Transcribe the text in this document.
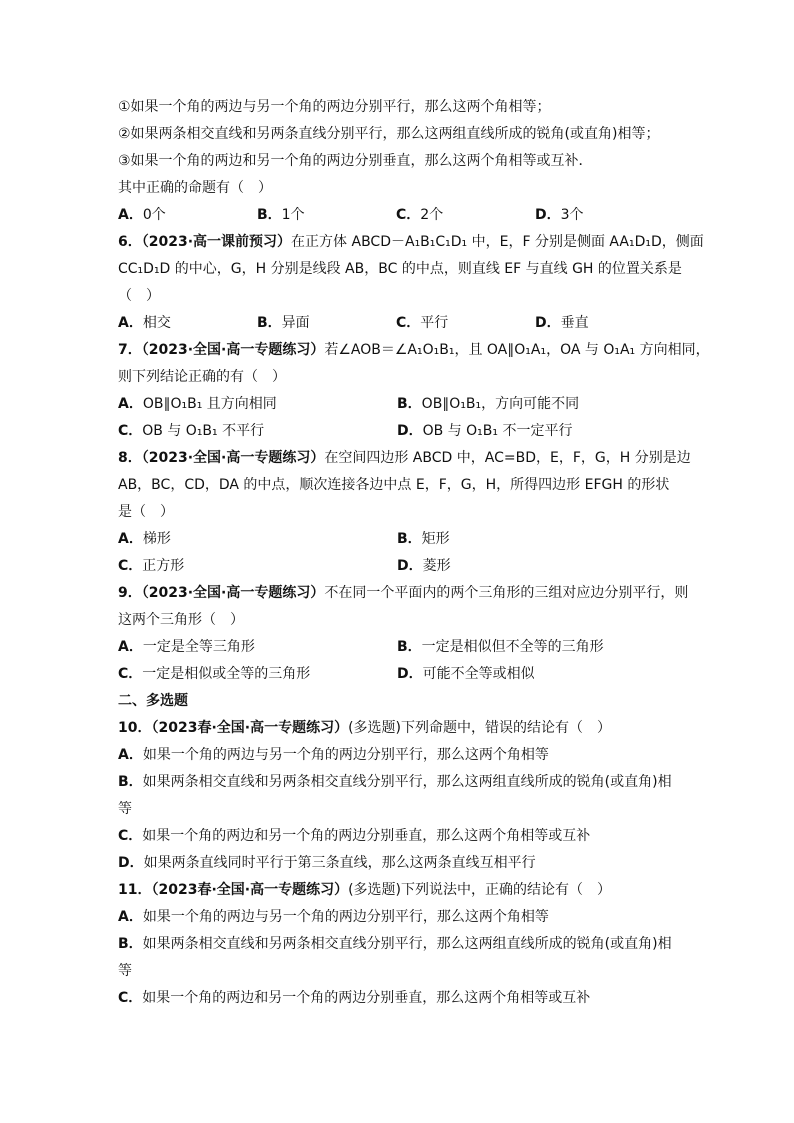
①如果一个角的两边与另一个角的两边分别平行，那么这两个角相等；
②如果两条相交直线和另两条直线分别平行，那么这两组直线所成的锐角(或直角)相等；
③如果一个角的两边和另一个角的两边分别垂直，那么这两个角相等或互补．
其中正确的命题有（　）
A．0个	B．1个	C．2个	D．3个
6．（2023·高一课前预习）在正方体 ABCD－A₁B₁C₁D₁ 中，E，F 分别是侧面 AA₁D₁D，侧面
CC₁D₁D 的中心，G，H 分别是线段 AB，BC 的中点，则直线 EF 与直线 GH 的位置关系是
（　）
A．相交	B．异面	C．平行	D．垂直
7．（2023·全国·高一专题练习）若∠AOB＝∠A₁O₁B₁，且 OA∥O₁A₁，OA 与 O₁A₁ 方向相同，
则下列结论正确的有（　）
A．OB∥O₁B₁ 且方向相同	B．OB∥O₁B₁，方向可能不同
C．OB 与 O₁B₁ 不平行	D．OB 与 O₁B₁ 不一定平行
8．（2023·全国·高一专题练习）在空间四边形 ABCD 中，AC=BD，E，F，G，H 分别是边
AB，BC，CD，DA 的中点，顺次连接各边中点 E，F，G，H，所得四边形 EFGH 的形状
是（　）
A．梯形	B．矩形
C．正方形	D．菱形
9．（2023·全国·高一专题练习）不在同一个平面内的两个三角形的三组对应边分别平行，则
这两个三角形（　）
A．一定是全等三角形	B．一定是相似但不全等的三角形
C．一定是相似或全等的三角形	D．可能不全等或相似
二、多选题
10．（2023春·全国·高一专题练习）(多选题)下列命题中，错误的结论有（　）
A．如果一个角的两边与另一个角的两边分别平行，那么这两个角相等
B．如果两条相交直线和另两条相交直线分别平行，那么这两组直线所成的锐角(或直角)相
等
C．如果一个角的两边和另一个角的两边分别垂直，那么这两个角相等或互补
D．如果两条直线同时平行于第三条直线，那么这两条直线互相平行
11．（2023春·全国·高一专题练习）(多选题)下列说法中，正确的结论有（　）
A．如果一个角的两边与另一个角的两边分别平行，那么这两个角相等
B．如果两条相交直线和另两条相交直线分别平行，那么这两组直线所成的锐角(或直角)相
等
C．如果一个角的两边和另一个角的两边分别垂直，那么这两个角相等或互补
